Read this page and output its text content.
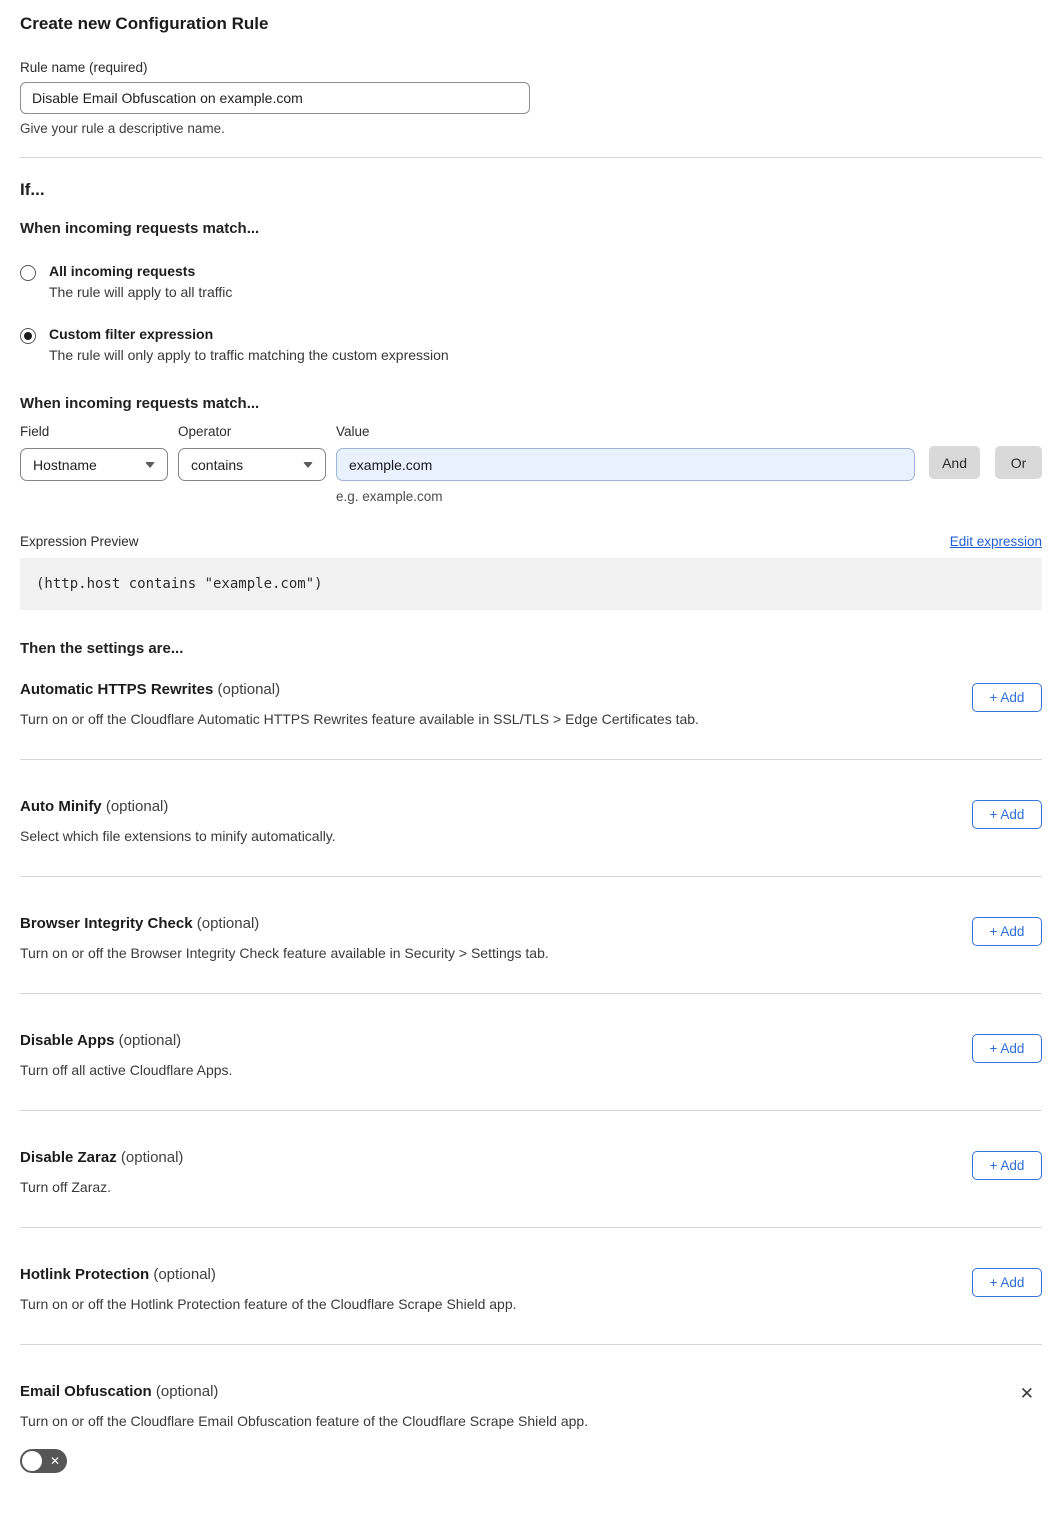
Create new Configuration Rule
Rule name (required)
Disable Email Obfuscation on example.com
Give your rule a descriptive name.
If...
When incoming requests match...
All incoming requests
The rule will apply to all traffic
Custom filter expression
The rule will only apply to traffic matching the custom expression
When incoming requests match...
Field
Hostname
Operator
contains
Value
example.com
e.g. example.com
And	Or
Expression Preview	Edit expression
(http.host contains "example.com")
Then the settings are...
Automatic HTTPS Rewrites (optional)
Turn on or off the Cloudflare Automatic HTTPS Rewrites feature available in SSL/TLS > Edge Certificates tab.
+ Add
Auto Minify (optional)
Select which file extensions to minify automatically.
+ Add
Browser Integrity Check (optional)
Turn on or off the Browser Integrity Check feature available in Security > Settings tab.
+ Add
Disable Apps (optional)
Turn off all active Cloudflare Apps.
+ Add
Disable Zaraz (optional)
Turn off Zaraz.
+ Add
Hotlink Protection (optional)
Turn on or off the Hotlink Protection feature of the Cloudflare Scrape Shield app.
+ Add
Email Obfuscation (optional)
Turn on or off the Cloudflare Email Obfuscation feature of the Cloudflare Scrape Shield app.
✕
✕
